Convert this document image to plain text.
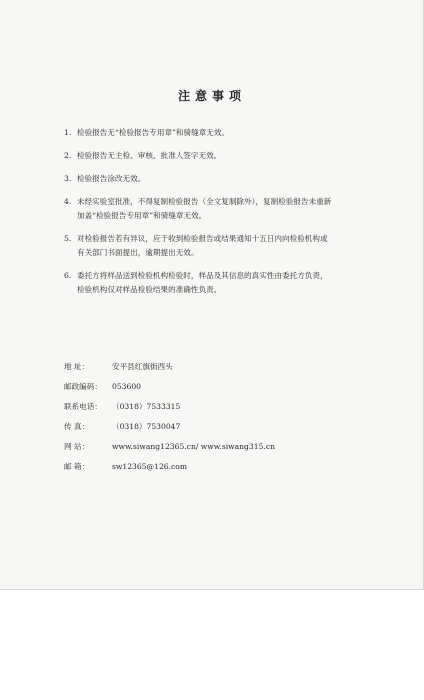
注意事项
1. 检验报告无“检验报告专用章”和骑缝章无效。
2. 检验报告无主检、审核、批准人签字无效。
3. 检验报告涂改无效。
4. 未经实验室批准，不得复制检验报告（全文复制除外），复制检验报告未重新
加盖“检验报告专用章”和骑缝章无效。
5. 对检验报告若有异议，应于收到检验报告或结果通知十五日内向检验机构或
有关部门书面提出，逾期提出无效。
6. 委托方将样品送到检验机构检验时，样品及其信息的真实性由委托方负责，
检验机构仅对样品检验结果的准确性负责。
地 址：	安平县红旗街西头
邮政编码：	053600
联系电话：	（0318）7533315
传 真：	（0318）7530047
网 站：	www.siwang12365.cn/ www.siwang315.cn
邮 箱：	sw12365@126.com
